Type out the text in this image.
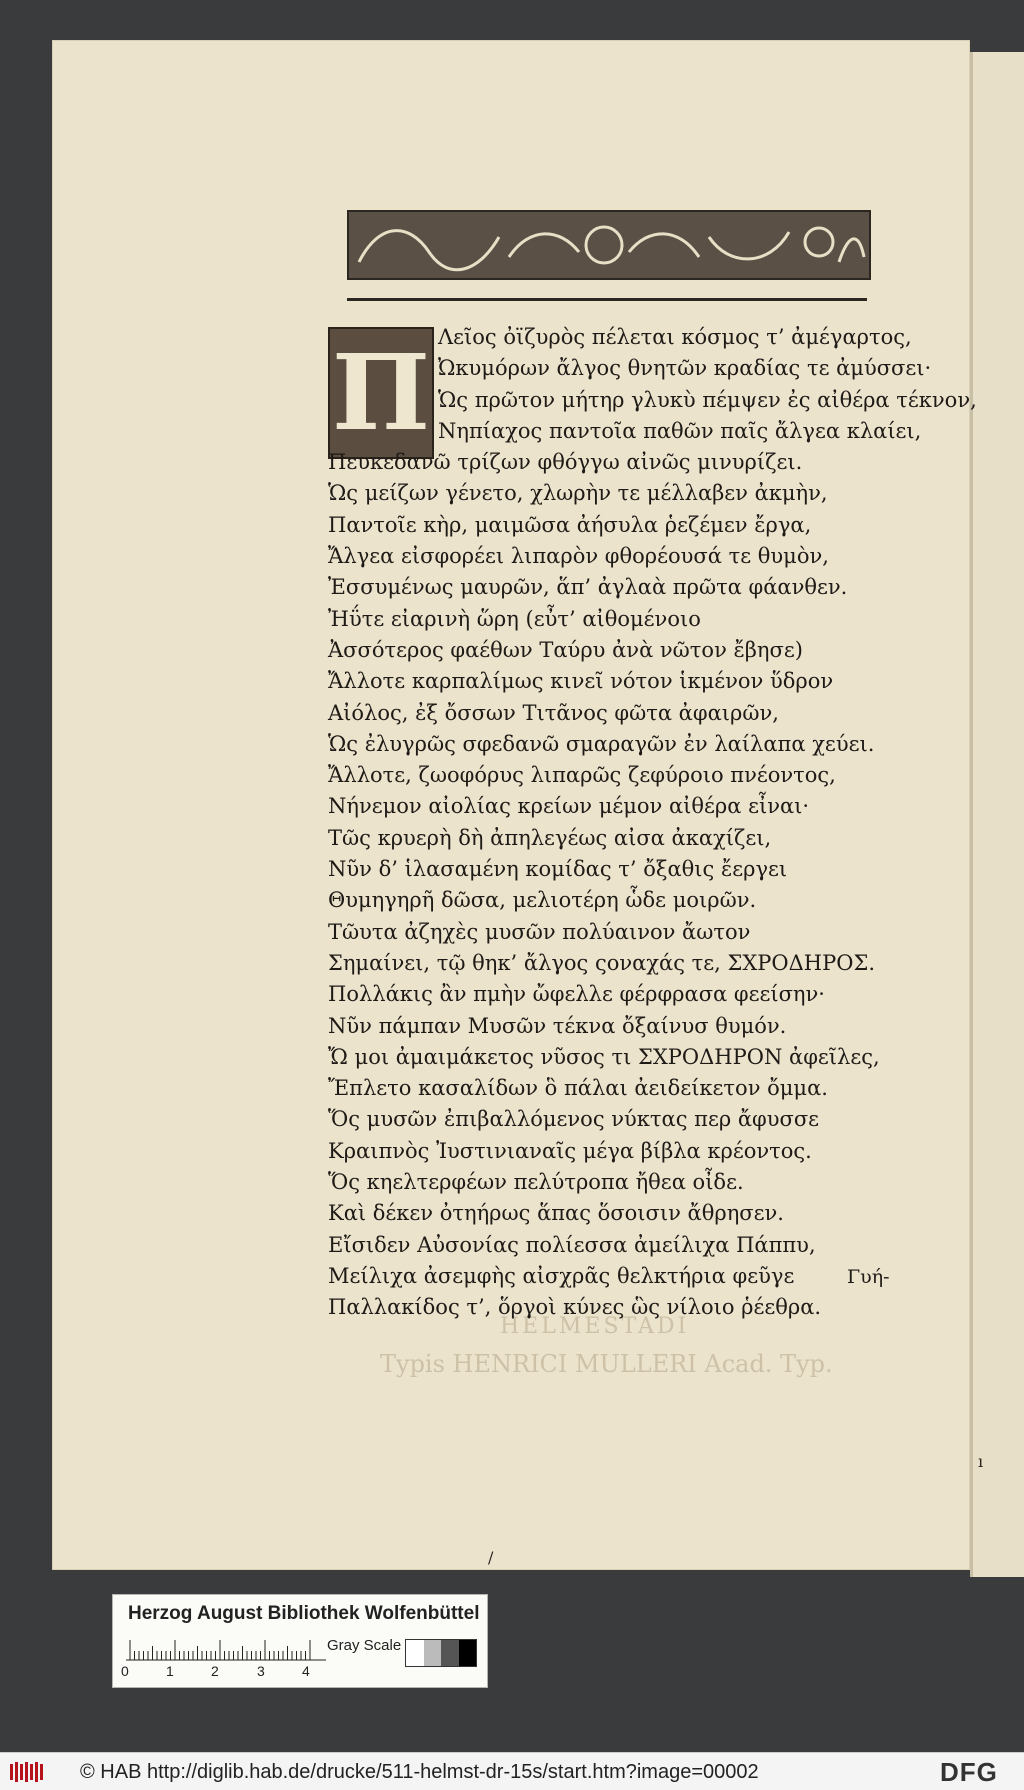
HELMESTADI
Typis HENRICI MULLERI Acad. Typ.
Π Λεῖος ὀϊζυρὸς πέλεται κόσμος τ’ ἀμέγαρτος,
Ὠκυμόρων ἄλγος θνητῶν κραδίας τε ἀμύσσει·
Ὡς πρῶτον μήτηρ γλυκὺ πέμψεν ἐς αἰθέρα τέκνον,
Νηπίαχος παντοῖα παθῶν παῖς ἄλγεα κλαίει,
Πευκεδανῶ τρίζων φθόγγω αἰνῶς μινυρίζει.
Ὡς μείζων γένετο, χλωρὴν τε μέλλαβεν ἀκμὴν,
Παντοῖε κὴρ, μαιμῶσα ἀήσυλα ῥεζέμεν ἔργα,
Ἄλγεα εἰσφορέει λιπαρὸν φθορέουσά τε θυμὸν,
Ἐσσυμένως μαυρῶν, ἅπ’ ἀγλαὰ πρῶτα φάανθεν.
Ἠΰτε εἰαρινὴ ὥρη (εὖτ’ αἰθομένοιο
Ἀσσότερος φαέθων Ταύρυ ἀνὰ νῶτον ἔβησε)
Ἄλλοτε καρπαλίμως κινεῖ νότον ἱκμένον ὕδρον
Αἰόλος, ἐξ ὄσσων Τιτᾶνος φῶτα ἀφαιρῶν,
Ὡς ἐλυγρῶς σφεδανῶ σμαραγῶν ἐν λαίλαπα χεύει.
Ἄλλοτε, ζωοφόρυς λιπαρῶς ζεφύροιο πνέοντος,
Νήνεμον αἰολίας κρείων μέμον αἰθέρα εἶναι·
Τῶς κρυερὴ δὴ ἀπηλεγέως αἰσα ἀκαχίζει,
Νῦν δ’ ἱλασαμένη κομίδας τ’ ὄξαθις ἔεργει
Θυμηγηρῆ δῶσα, μελιοτέρη ὧδε μοιρῶν.
Τῶυτα ἀζηχὲς μυσῶν πολύαινον ἄωτον
Σημαίνει, τῷ θηκ’ ἄλγος ςοναχάς τε, ΣΧΡΟΔΗΡΟΣ.
Πολλάκις ἂν πμὴν ὤφελλε φέρφρασα φεείσην·
Νῦν πάμπαν Μυσῶν τέκνα ὄξαίνυσ θυμόν.
Ὤ μοι ἀμαιμάκετος νῦσος τι ΣΧΡΟΔΗΡΟΝ ἀφεῖλες,
Ἔπλετο κασαλίδων ὃ πάλαι ἀειδείκετον ὄμμα.
Ὅς μυσῶν ἐπιβαλλόμενος νύκτας περ ἄφυσσε
Κραιπνὸς Ἰυστινιαναῖς μέγα βίβλα κρέοντος.
Ὅς κηελτερφέων πελύτροπα ἤθεα οἶδε.
Καὶ δέκεν ὀτηήρως ἅπας ὅσοισιν ἄθρησεν.
Εἴσιδεν Αὐσονίας πολίεσσα ἀμείλιχα Πάππυ,
Μείλιχα ἀσεμφὴς αἰσχρᾶς θελκτήρια φεῦγε
Παλλακίδος τ’, ὅργοὶ κύνες ὣς νίλοιο ῥέεθρα.
Γυή-
ı
/
Herzog August Bibliothek Wolfenbüttel
0	1	2	3	4
Gray Scale
© HAB http://diglib.hab.de/drucke/511-helmst-dr-15s/start.htm?image=00002	DFG
